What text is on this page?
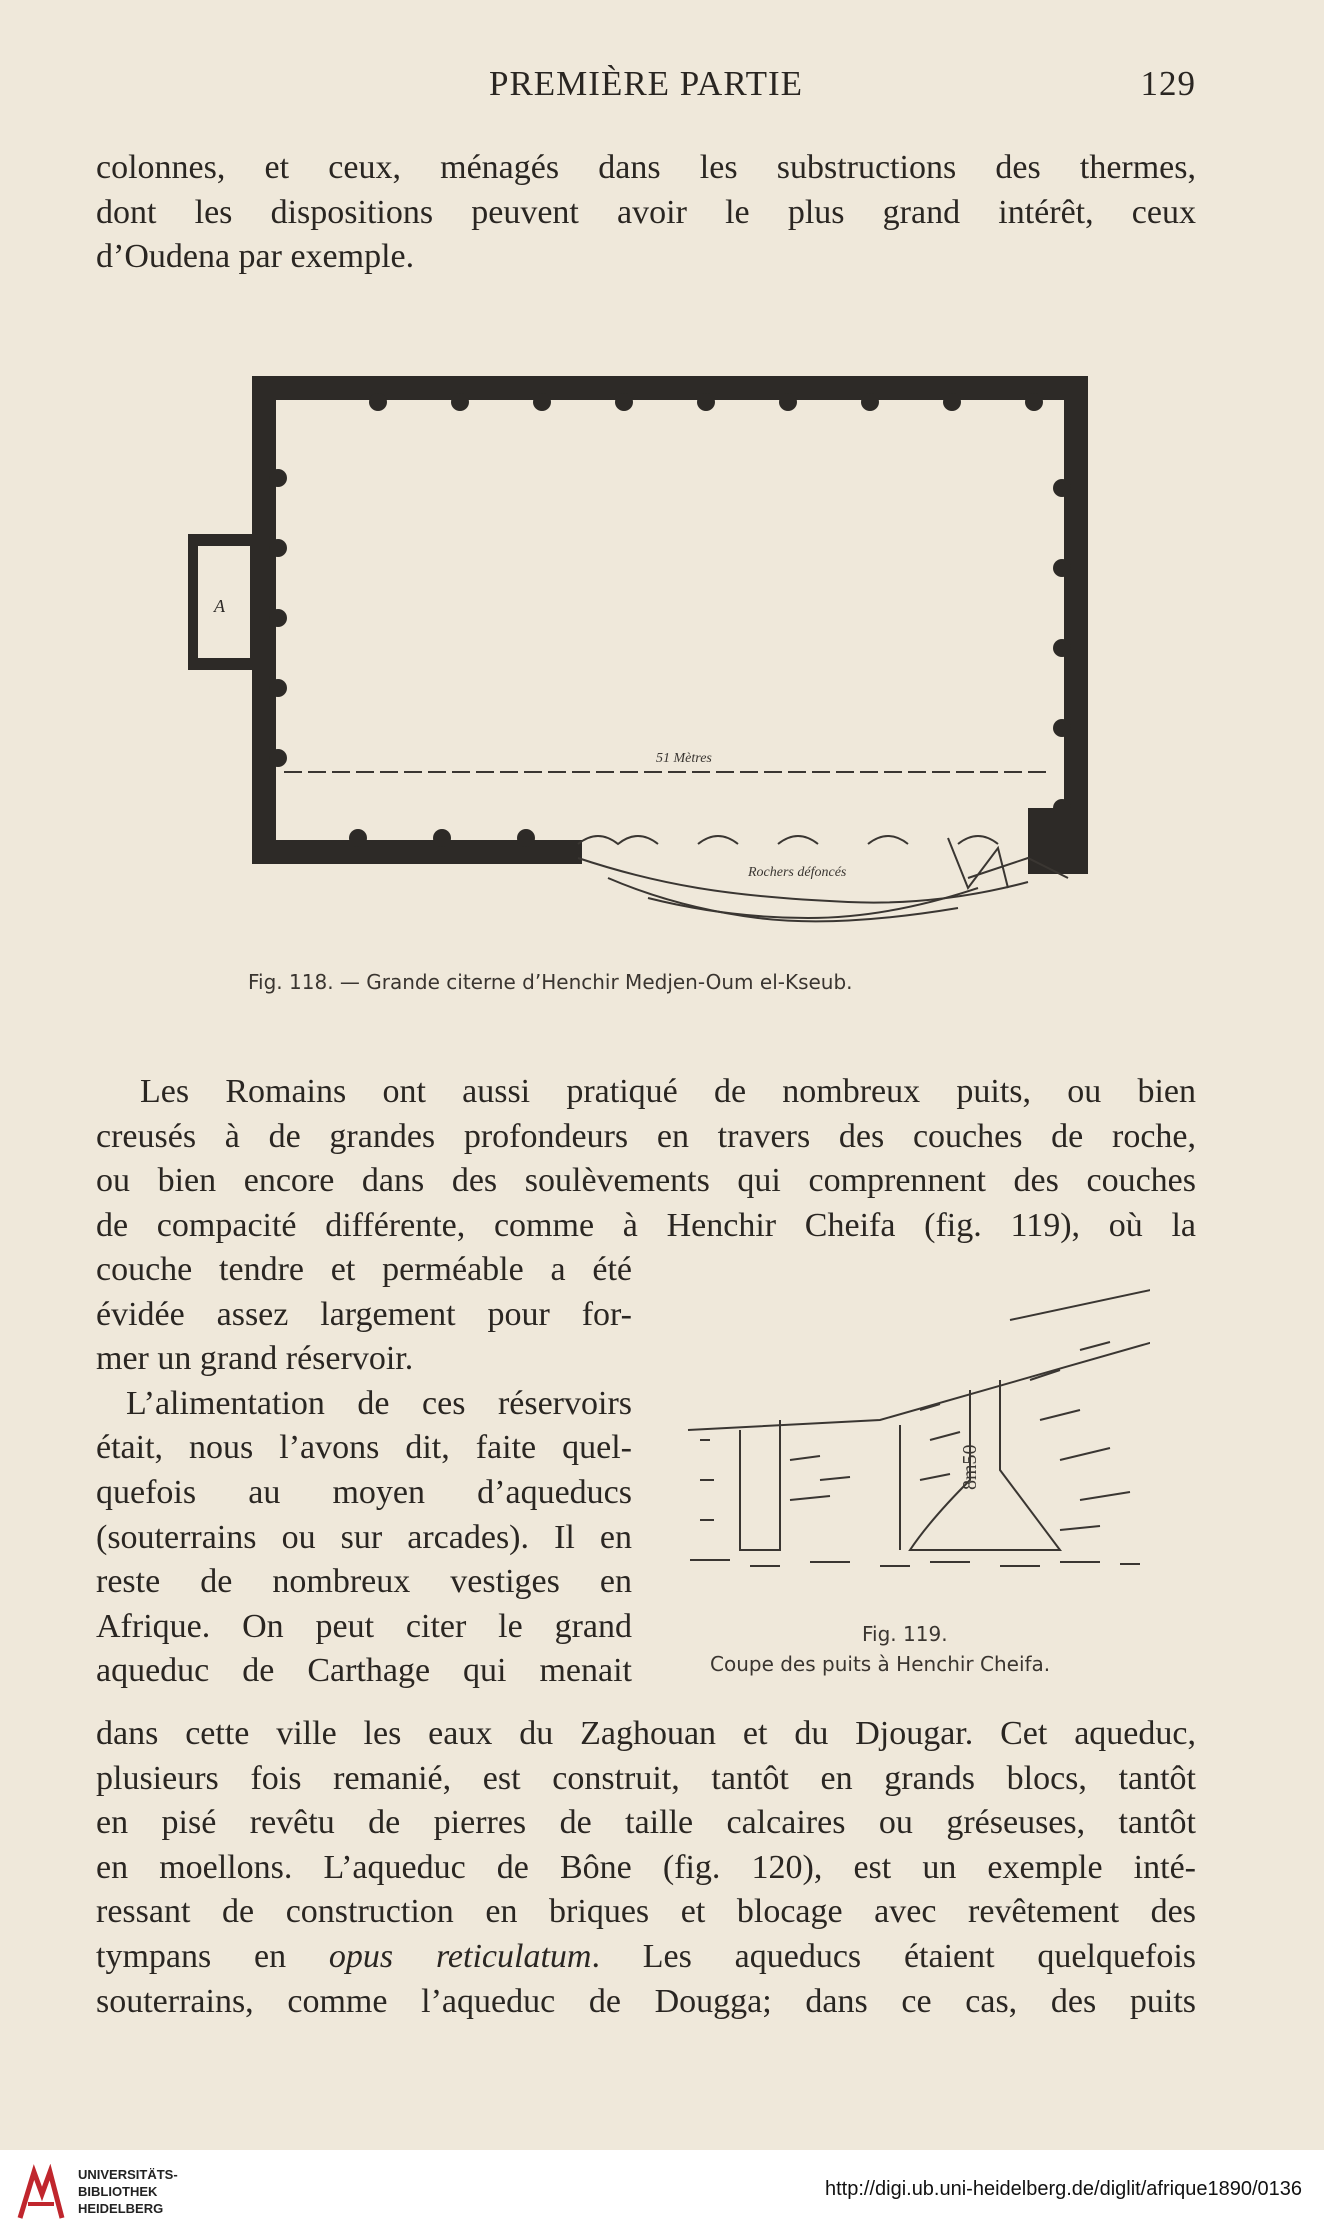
PREMIÈRE PARTIE	129
colonnes, et ceux, ménagés dans les substructions des thermes,
dont les dispositions peuvent avoir le plus grand intérêt, ceux
d’Oudena par exemple.
51 Mètres
Rochers défoncés
A
Fig. 118. — Grande citerne d’Henchir Medjen-Oum el-Kseub.
Les Romains ont aussi pratiqué de nombreux puits, ou bien
creusés à de grandes profondeurs en travers des couches de roche,
ou bien encore dans des soulèvements qui comprennent des couches
de compacité différente, comme à Henchir Cheifa (fig. 119), où la
couche tendre et perméable a été
évidée assez largement pour for-
mer un grand réservoir.
L’alimentation de ces réservoirs
était, nous l’avons dit, faite quel-
quefois au moyen d’aqueducs
(souterrains ou sur arcades). Il en
reste de nombreux vestiges en
Afrique. On peut citer le grand
aqueduc de Carthage qui menait
8m50
Fig. 119.
Coupe des puits à Henchir Cheifa.
dans cette ville les eaux du Zaghouan et du Djougar. Cet aqueduc,
plusieurs fois remanié, est construit, tantôt en grands blocs, tantôt
en pisé revêtu de pierres de taille calcaires ou gréseuses, tantôt
en moellons. L’aqueduc de Bône (fig. 120), est un exemple inté-
ressant de construction en briques et blocage avec revêtement des
tympans en opus reticulatum. Les aqueducs étaient quelquefois
souterrains, comme l’aqueduc de Dougga; dans ce cas, des puits
UNIVERSITÄTS-
BIBLIOTHEK
HEIDELBERG
http://digi.ub.uni-heidelberg.de/diglit/afrique1890/0136
